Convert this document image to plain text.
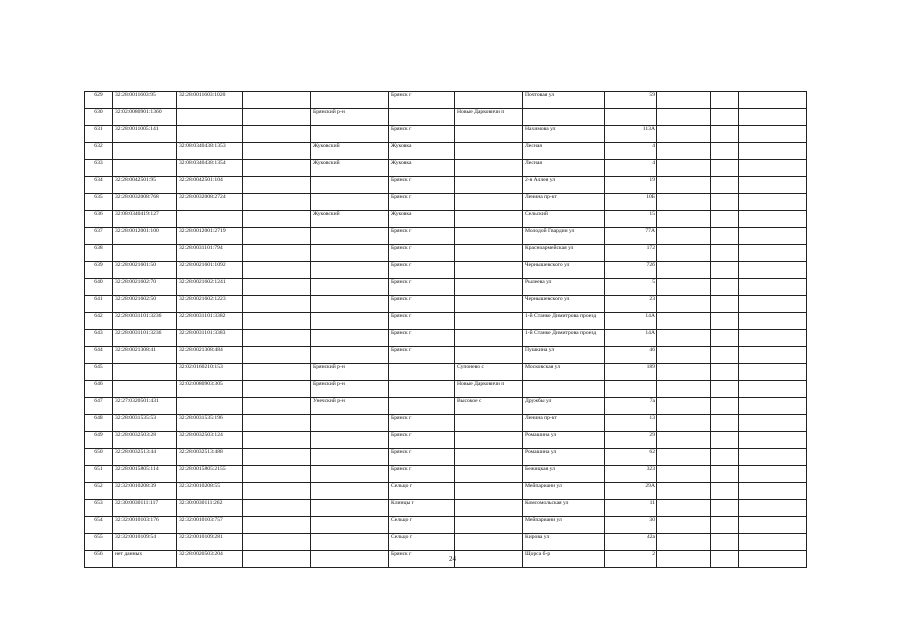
629	32:28:0011603:95	32:28:0011603:1020			Брянск г		Почтовая ул	59			
630	32:02:0080901:1360			Брянский р-н		Новые Дарковичи п					
631	32:28:0011005:141				Брянск г		Нахимова ул	113А			
632		32:08:0340438:1353		Жуковский	Жуковка		Лесная	4			
633		32:08:0340438:1354		Жуковский	Жуковка		Лесная	4			
634	32:28:0042501:95	32:28:0042501:104			Брянск г		2-я Аллея ул	19			
635	32:28:0032008:768	32:28:0032008:2724			Брянск г		Ленина пр-кт	10Б			
636	32:08:0340419:127			Жуковский	Жуковка		Сельский	15			
637	32:28:0012001:100	32:28:0012001:2719			Брянск г		Молодой Гвардии ул	77А			
638		32:28:0031101:794			Брянск г		Красноармейская ул	172			
639	32:28:0021601:50	32:28:0021601:1092			Брянск г		Чернышевского ул	72б			
640	32:28:0021602:70	32:28:0021602:1241			Брянск г		Рылеева ул	5			
641	32:28:0021602:50	32:28:0021602:1223			Брянск г		Чернышевского ул	23			
642	32:28:0031101:3236	32:28:0031101:3382			Брянск г		1-й Станке Димитрова проезд	14А			
643	32:28:0031101:3236	32:28:0031101:3383			Брянск г		1-й Станке Димитрова проезд	14А			
644	32:28:0021308:41	32:28:0021308:484			Брянск г		Пушкина ул	46			
645		32:02:0160210:153		Брянский р-н		Супонево с	Московская ул	189			
646		32:02:0080903:305		Брянский р-н		Новые Дарковичи п					
647	32:27:0320501:431			Унечский р-н		Высокое с	Дружбы ул	7а			
648	32:28:0031535:53	32:28:0031535:196			Брянск г		Ленина пр-кт	13			
649	32:28:0032503:28	32:28:0032503:124			Брянск г		Ромашина ул	29			
650	32:28:0032513:44	32:28:0032513:488			Брянск г		Ромашина ул	62			
651	32:28:0015805:114	32:28:0015805:2155			Брянск г		Бежицкая ул	323			
652	32:32:0010208:39	32:32:0010208:55			Сельцо г		Мейпарианн ул	29А			
653	32:30:0030111:117	32:30:0030111:262			Клинцы г		Комсомольская ул	11			
654	32:32:0010103:176	32:32:0010103:757			Сельцо г		Мейпариани ул	30			
655	32:32:0010109:54	32:32:0010109:281			Сельцо г		Кирова ул	42а			
656	нет данных	32:28:0020503:204			Брянск г		Щорса б-р	2			
24
